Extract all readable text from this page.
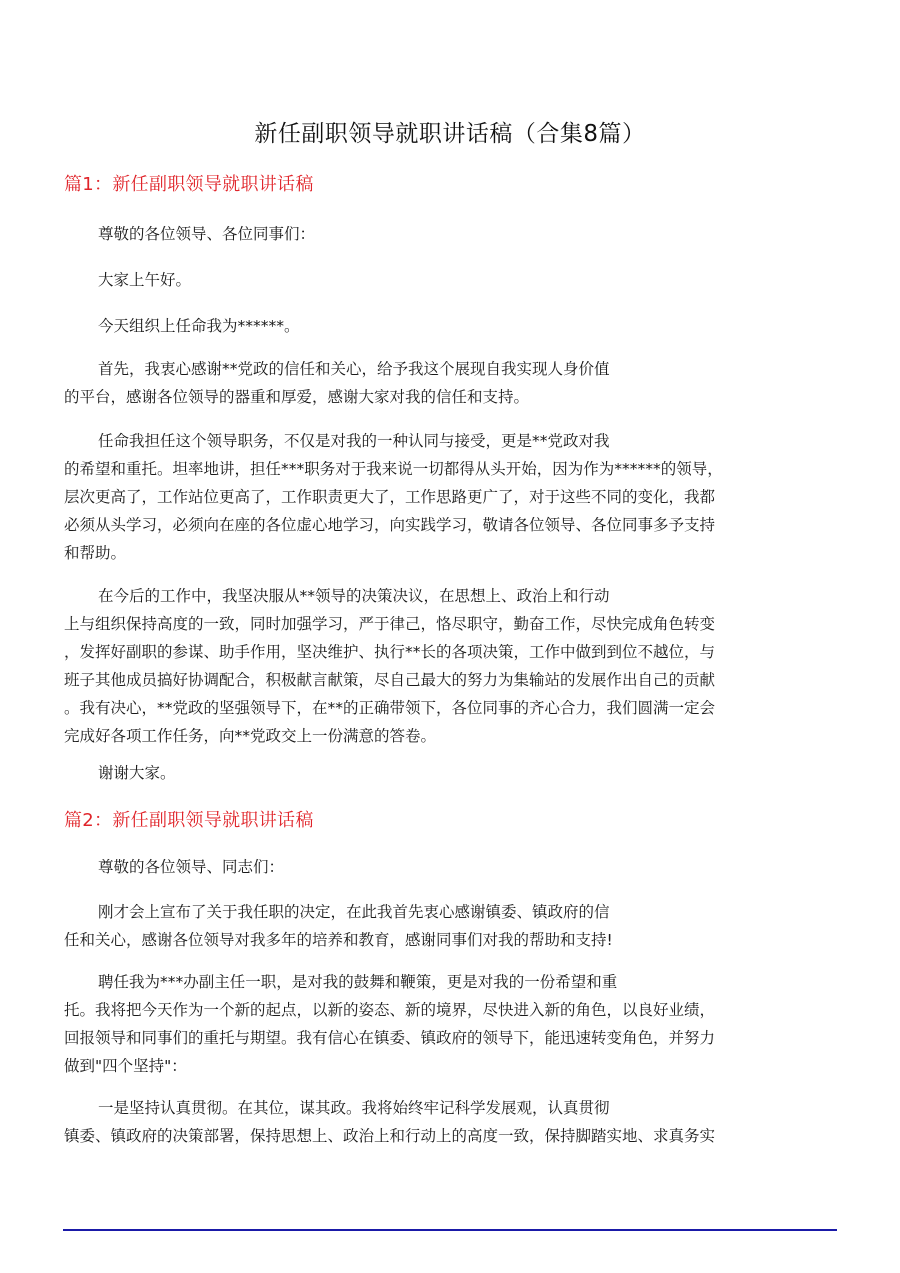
新任副职领导就职讲话稿（合集8篇）
篇1：新任副职领导就职讲话稿
尊敬的各位领导、各位同事们：
大家上午好。
今天组织上任命我为******。
首先，我衷心感谢**党政的信任和关心，给予我这个展现自我实现人身价值
的平台，感谢各位领导的器重和厚爱，感谢大家对我的信任和支持。
任命我担任这个领导职务，不仅是对我的一种认同与接受，更是**党政对我
的希望和重托。坦率地讲，担任***职务对于我来说一切都得从头开始，因为作为******的领导，
层次更高了，工作站位更高了，工作职责更大了，工作思路更广了，对于这些不同的变化，我都
必须从头学习，必须向在座的各位虚心地学习，向实践学习，敬请各位领导、各位同事多予支持
和帮助。
在今后的工作中，我坚决服从**领导的决策决议，在思想上、政治上和行动
上与组织保持高度的一致，同时加强学习，严于律己，恪尽职守，勤奋工作，尽快完成角色转变
，发挥好副职的参谋、助手作用，坚决维护、执行**长的各项决策，工作中做到到位不越位，与
班子其他成员搞好协调配合，积极献言献策，尽自己最大的努力为集输站的发展作出自己的贡献
。我有决心，**党政的坚强领导下，在**的正确带领下，各位同事的齐心合力，我们圆满一定会
完成好各项工作任务，向**党政交上一份满意的答卷。
谢谢大家。
篇2：新任副职领导就职讲话稿
尊敬的各位领导、同志们：
刚才会上宣布了关于我任职的决定，在此我首先衷心感谢镇委、镇政府的信
任和关心，感谢各位领导对我多年的培养和教育，感谢同事们对我的帮助和支持!
聘任我为***办副主任一职，是对我的鼓舞和鞭策，更是对我的一份希望和重
托。我将把今天作为一个新的起点，以新的姿态、新的境界，尽快进入新的角色，以良好业绩，
回报领导和同事们的重托与期望。我有信心在镇委、镇政府的领导下，能迅速转变角色，并努力
做到"四个坚持"：
一是坚持认真贯彻。在其位，谋其政。我将始终牢记科学发展观，认真贯彻
镇委、镇政府的决策部署，保持思想上、政治上和行动上的高度一致，保持脚踏实地、求真务实
